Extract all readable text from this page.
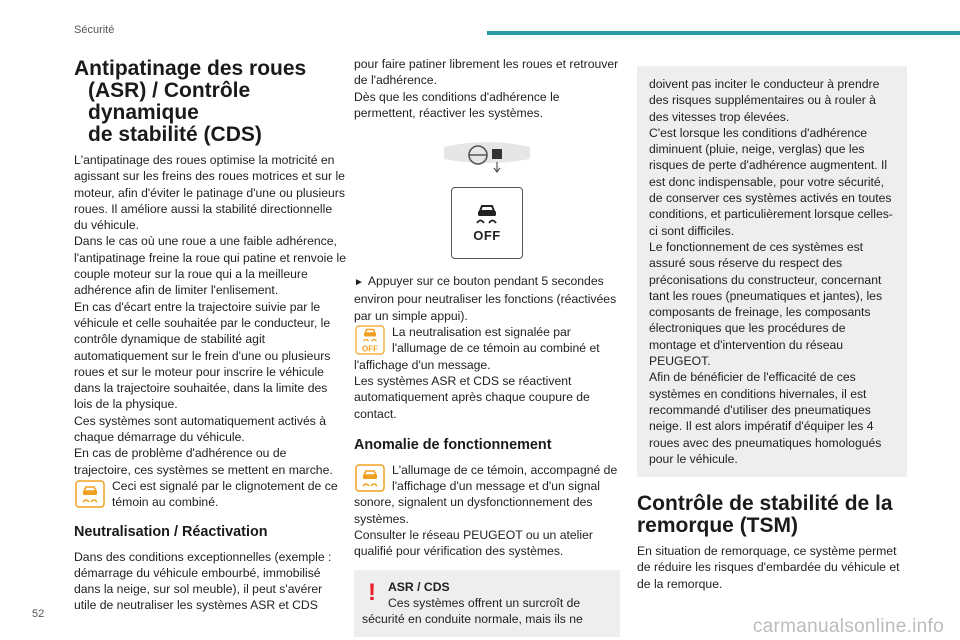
Sécurité
Antipatinage des roues
(ASR) / Contrôle dynamique
de stabilité (CDS)

L'antipatinage des roues optimise la motricité en agissant sur les freins des roues motrices et sur le moteur, afin d'éviter le patinage d'une ou plusieurs roues. Il améliore aussi la stabilité directionnelle du véhicule.

Dans le cas où une roue a une faible adhérence, l'antipatinage freine la roue qui patine et renvoie le couple moteur sur la roue qui a la meilleure adhérence afin de limiter l'enlisement.

En cas d'écart entre la trajectoire suivie par le véhicule et celle souhaitée par le conducteur, le contrôle dynamique de stabilité agit automatiquement sur le frein d'une ou plusieurs roues et sur le moteur pour inscrire le véhicule dans la trajectoire souhaitée, dans la limite des lois de la physique.

Ces systèmes sont automatiquement activés à chaque démarrage du véhicule.

En cas de problème d'adhérence ou de trajectoire, ces systèmes se mettent en marche.

Ceci est signalé par le clignotement de ce témoin au combiné.

Neutralisation / Réactivation

Dans des conditions exceptionnelles (exemple : démarrage du véhicule embourbé, immobilisé dans la neige, sur sol meuble), il peut s'avérer utile de neutraliser les systèmes ASR et CDS

pour faire patiner librement les roues et retrouver de l'adhérence.

Dès que les conditions d'adhérence le permettent, réactiver les systèmes.

OFF

► Appuyer sur ce bouton pendant 5 secondes environ pour neutraliser les fonctions (réactivées par un simple appui).

OFF

La neutralisation est signalée par l'allumage de ce témoin au combiné et l'affichage d'un message.

Les systèmes ASR et CDS se réactivent automatiquement après chaque coupure de contact.

Anomalie de fonctionnement

L'allumage de ce témoin, accompagné de l'affichage d'un message et d'un signal sonore, signalent un dysfonctionnement des systèmes.

Consulter le réseau PEUGEOT ou un atelier qualifié pour vérification des systèmes.

! ASR / CDS

Ces systèmes offrent un surcroît de sécurité en conduite normale, mais ils ne

doivent pas inciter le conducteur à prendre des risques supplémentaires ou à rouler à des vitesses trop élevées.

C'est lorsque les conditions d'adhérence diminuent (pluie, neige, verglas) que les risques de perte d'adhérence augmentent. Il est donc indispensable, pour votre sécurité, de conserver ces systèmes activés en toutes conditions, et particulièrement lorsque celles-ci sont difficiles.

Le fonctionnement de ces systèmes est assuré sous réserve du respect des préconisations du constructeur, concernant tant les roues (pneumatiques et jantes), les composants de freinage, les composants électroniques que les procédures de montage et d'intervention du réseau PEUGEOT.

Afin de bénéficier de l'efficacité de ces systèmes en conditions hivernales, il est recommandé d'utiliser des pneumatiques neige. Il est alors impératif d'équiper les 4 roues avec des pneumatiques homologués pour le véhicule.

Contrôle de stabilité de la
remorque (TSM)

En situation de remorquage, ce système permet de réduire les risques d'embardée du véhicule et de la remorque.

52
carmanualsonline.info
